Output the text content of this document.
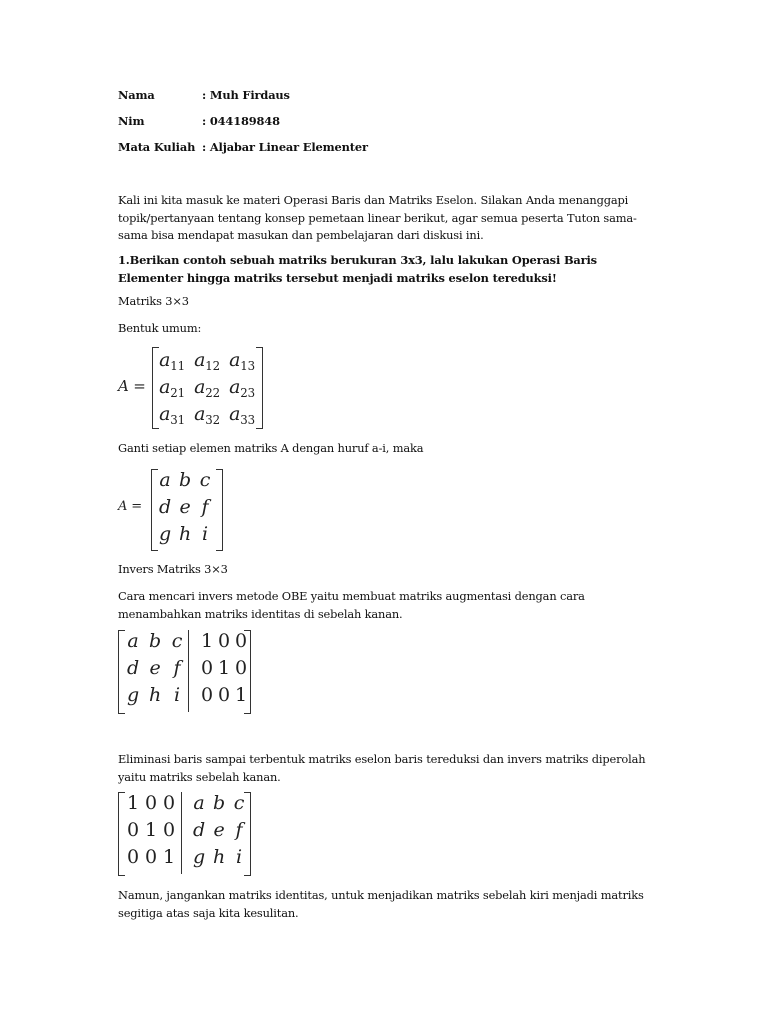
Nama	: Muh Firdaus
Nim	: 044189848
Mata Kuliah : Aljabar Linear Elementer
Kali ini kita masuk ke materi Operasi Baris dan Matriks Eselon. Silakan Anda menanggapi topik/pertanyaan tentang konsep pemetaan linear berikut, agar semua peserta Tuton sama-sama bisa mendapat masukan dan pembelajaran dari diskusi ini.
1.Berikan contoh sebuah matriks berukuran 3x3, lalu lakukan Operasi Baris Elementer hingga matriks tersebut menjadi matriks eselon tereduksi!
Matriks 3×3
Bentuk umum:
A =
$a_{11}$ $a_{12}$ $a_{13}$
$a_{21}$ $a_{22}$ $a_{23}$
$a_{31}$ $a_{32}$ $a_{33}$
Ganti setiap elemen matriks A dengan huruf a-i, maka
A =
a b c
d e f
g h i
Invers Matriks 3×3
Cara mencari invers metode OBE yaitu membuat matriks augmentasi dengan cara menambahkan matriks identitas di sebelah kanan.
a b c 1 0 0
d e f 0 1 0
g h i	0 0 1
Eliminasi baris sampai terbentuk matriks eselon baris tereduksi dan invers matriks diperolah yaitu matriks sebelah kanan.
1 0 0 a b c
0 1 0 d e f
0 0 1 g h i
Namun, jangankan matriks identitas, untuk menjadikan matriks sebelah kiri menjadi matriks segitiga atas saja kita kesulitan.
